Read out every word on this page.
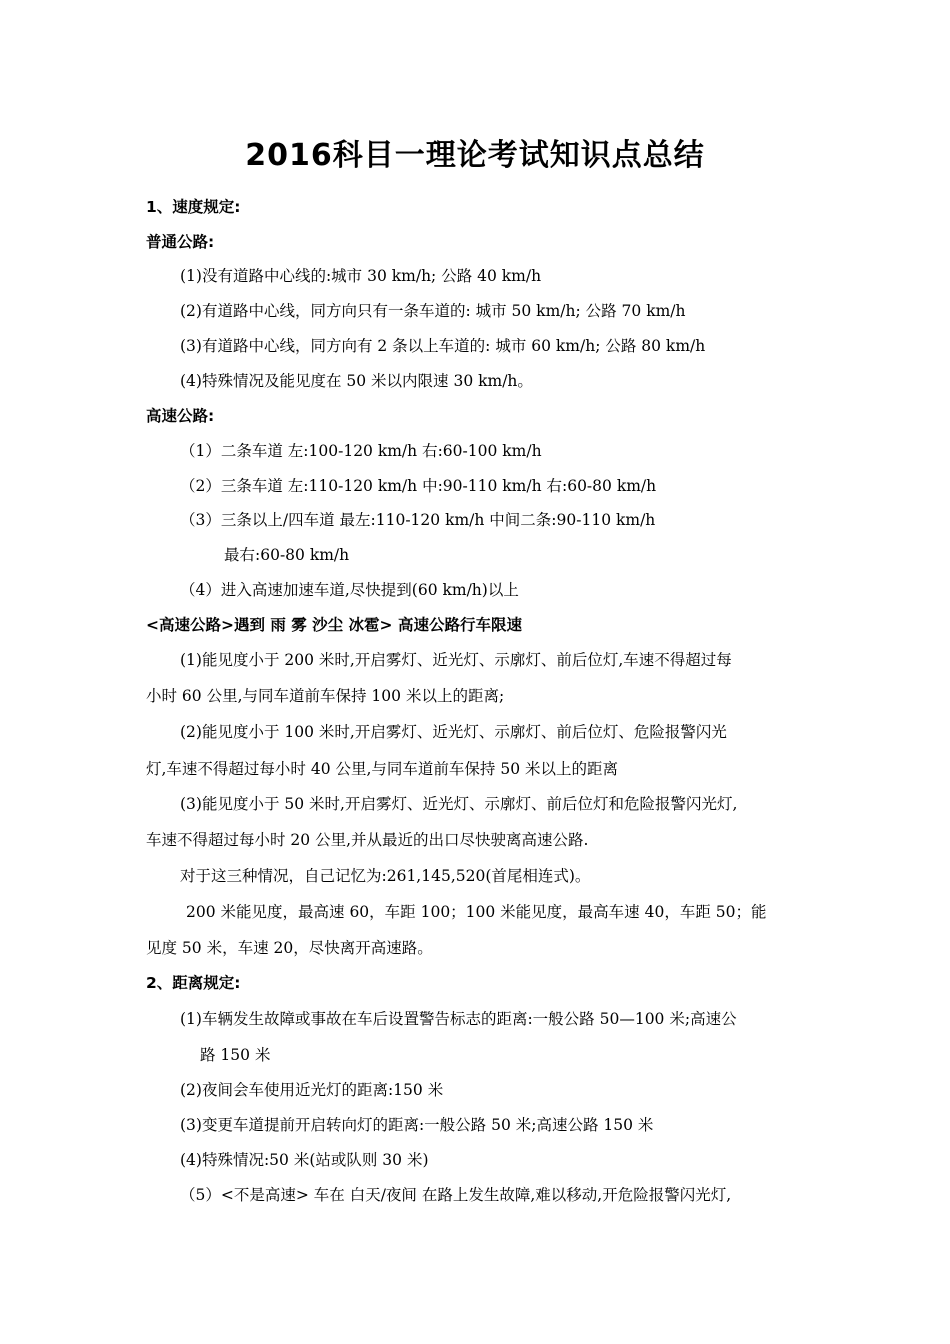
2016科目一理论考试知识点总结
1、速度规定:
普通公路:
(1)没有道路中心线的:城市 30 km/h; 公路 40 km/h
(2)有道路中心线，同方向只有一条车道的: 城市 50 km/h; 公路 70 km/h
(3)有道路中心线，同方向有 2 条以上车道的: 城市 60 km/h; 公路 80 km/h
(4)特殊情况及能见度在 50 米以内限速 30 km/h。
高速公路:
（1）二条车道 左:100-120 km/h 右:60-100 km/h
（2）三条车道 左:110-120 km/h 中:90-110 km/h 右:60-80 km/h
（3）三条以上/四车道 最左:110-120 km/h 中间二条:90-110 km/h
最右:60-80 km/h
（4）进入高速加速车道,尽快提到(60 km/h)以上
<高速公路>遇到 雨 雾 沙尘 冰雹> 高速公路行车限速
(1)能见度小于 200 米时,开启雾灯、近光灯、示廓灯、前后位灯,车速不得超过每
小时 60 公里,与同车道前车保持 100 米以上的距离;
(2)能见度小于 100 米时,开启雾灯、近光灯、示廓灯、前后位灯、危险报警闪光
灯,车速不得超过每小时 40 公里,与同车道前车保持 50 米以上的距离
(3)能见度小于 50 米时,开启雾灯、近光灯、示廓灯、前后位灯和危险报警闪光灯,
车速不得超过每小时 20 公里,并从最近的出口尽快驶离高速公路.
对于这三种情况，自己记忆为:261,145,520(首尾相连式)。
200 米能见度，最高速 60，车距 100；100 米能见度，最高车速 40，车距 50；能
见度 50 米，车速 20，尽快离开高速路。
2、距离规定:
(1)车辆发生故障或事故在车后设置警告标志的距离:一般公路 50—100 米;高速公
路 150 米
(2)夜间会车使用近光灯的距离:150 米
(3)变更车道提前开启转向灯的距离:一般公路 50 米;高速公路 150 米
(4)特殊情况:50 米(站或队则 30 米)
（5）<不是高速> 车在 白天/夜间 在路上发生故障,难以移动,开危险报警闪光灯,
